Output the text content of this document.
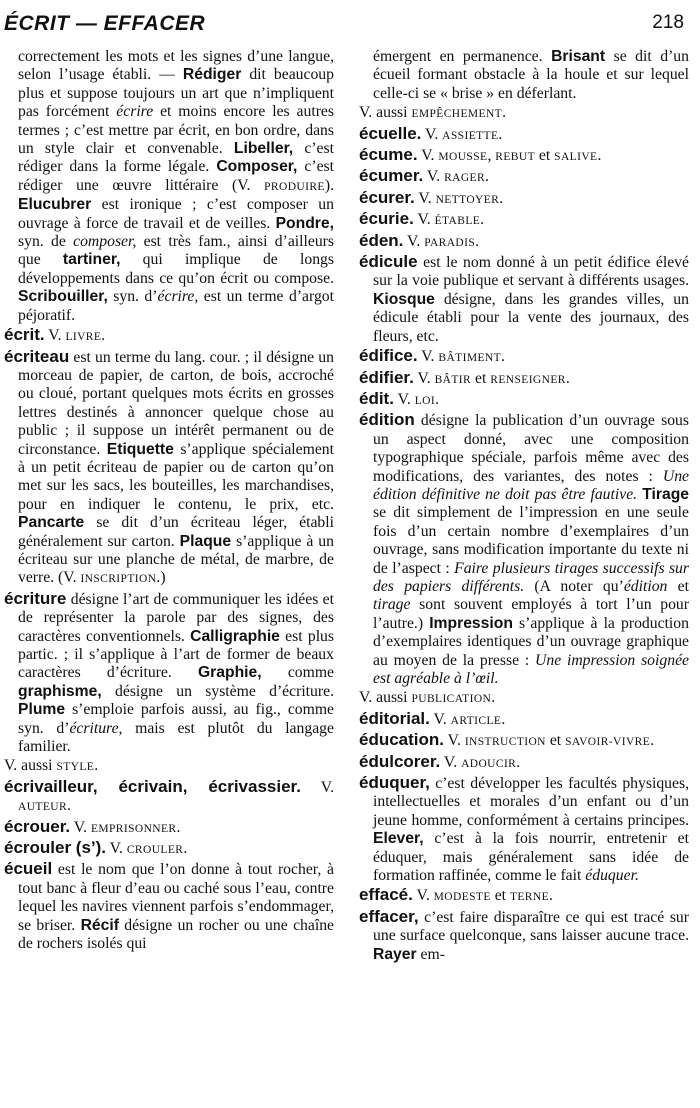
ÉCRIT — EFFACER	218

correctement les mots et les signes d’une langue, selon l’usage établi. — Rédiger dit beaucoup plus et suppose toujours un art que n’impliquent pas forcément écrire et moins encore les autres termes ; c’est mettre par écrit, en bon ordre, dans un style clair et convenable. Libeller, c’est rédiger dans la forme légale. Composer, c’est rédiger une œuvre littéraire (V. PRODUIRE). Elucubrer est ironique ; c’est composer un ouvrage à force de travail et de veilles. Pondre, syn. de composer, est très fam., ainsi d’ailleurs que tartiner, qui implique de longs développements dans ce qu’on écrit ou compose. Scribouiller, syn. d’écrire, est un terme d’argot péjoratif.

écrit. V. LIVRE.

écriteau est un terme du lang. cour. ; il désigne un morceau de papier, de carton, de bois, accroché ou cloué, portant quelques mots écrits en grosses lettres destinés à annoncer quelque chose au public ; il suppose un intérêt permanent ou de circonstance. Etiquette s’applique spécialement à un petit écriteau de papier ou de carton qu’on met sur les sacs, les bouteilles, les marchandises, pour en indiquer le contenu, le prix, etc. Pancarte se dit d’un écriteau léger, établi généralement sur carton. Plaque s’applique à un écriteau sur une planche de métal, de marbre, de verre. (V. INSCRIPTION.)

écriture désigne l’art de communiquer les idées et de représenter la parole par des signes, des caractères conventionnels. Calligraphie est plus partic. ; il s’applique à l’art de former de beaux caractères d’écriture. Graphie, comme graphisme, désigne un système d’écriture. Plume s’emploie parfois aussi, au fig., comme syn. d’écriture, mais est plutôt du langage familier.

V. aussi STYLE.

écrivailleur, écrivain, écrivassier. V. AUTEUR.

écrouer. V. EMPRISONNER.

écrouler (s’). V. CROULER.

écueil est le nom que l’on donne à tout rocher, à tout banc à fleur d’eau ou caché sous l’eau, contre lequel les navires viennent parfois s’endommager, se briser. Récif désigne un rocher ou une chaîne de rochers isolés qui

émergent en permanence. Brisant se dit d’un écueil formant obstacle à la houle et sur lequel celle-ci se « brise » en déferlant.

V. aussi EMPÊCHEMENT.

écuelle. V. ASSIETTE.

écume. V. MOUSSE, REBUT et SALIVE.

écumer. V. RAGER.

écurer. V. NETTOYER.

écurie. V. ÉTABLE.

éden. V. PARADIS.

édicule est le nom donné à un petit édifice élevé sur la voie publique et servant à différents usages. Kiosque désigne, dans les grandes villes, un édicule établi pour la vente des journaux, des fleurs, etc.

édifice. V. BÂTIMENT.

édifier. V. BÂTIR et RENSEIGNER.

édit. V. LOI.

édition désigne la publication d’un ouvrage sous un aspect donné, avec une composition typographique spéciale, parfois même avec des modifications, des variantes, des notes : Une édition définitive ne doit pas être fautive. Tirage se dit simplement de l’impression en une seule fois d’un certain nombre d’exemplaires d’un ouvrage, sans modification importante du texte ni de l’aspect : Faire plusieurs tirages successifs sur des papiers différents. (A noter qu’édition et tirage sont souvent employés à tort l’un pour l’autre.) Impression s’applique à la production d’exemplaires identiques d’un ouvrage graphique au moyen de la presse : Une impression soignée est agréable à l’œil.

V. aussi PUBLICATION.

éditorial. V. ARTICLE.

éducation. V. INSTRUCTION et SAVOIR-VIVRE.

édulcorer. V. ADOUCIR.

éduquer, c’est développer les facultés physiques, intellectuelles et morales d’un enfant ou d’un jeune homme, conformément à certains principes. Elever, c’est à la fois nourrir, entretenir et éduquer, mais généralement sans idée de formation raffinée, comme le fait éduquer.

effacé. V. MODESTE et TERNE.

effacer, c’est faire disparaître ce qui est tracé sur une surface quelconque, sans laisser aucune trace. Rayer em-
